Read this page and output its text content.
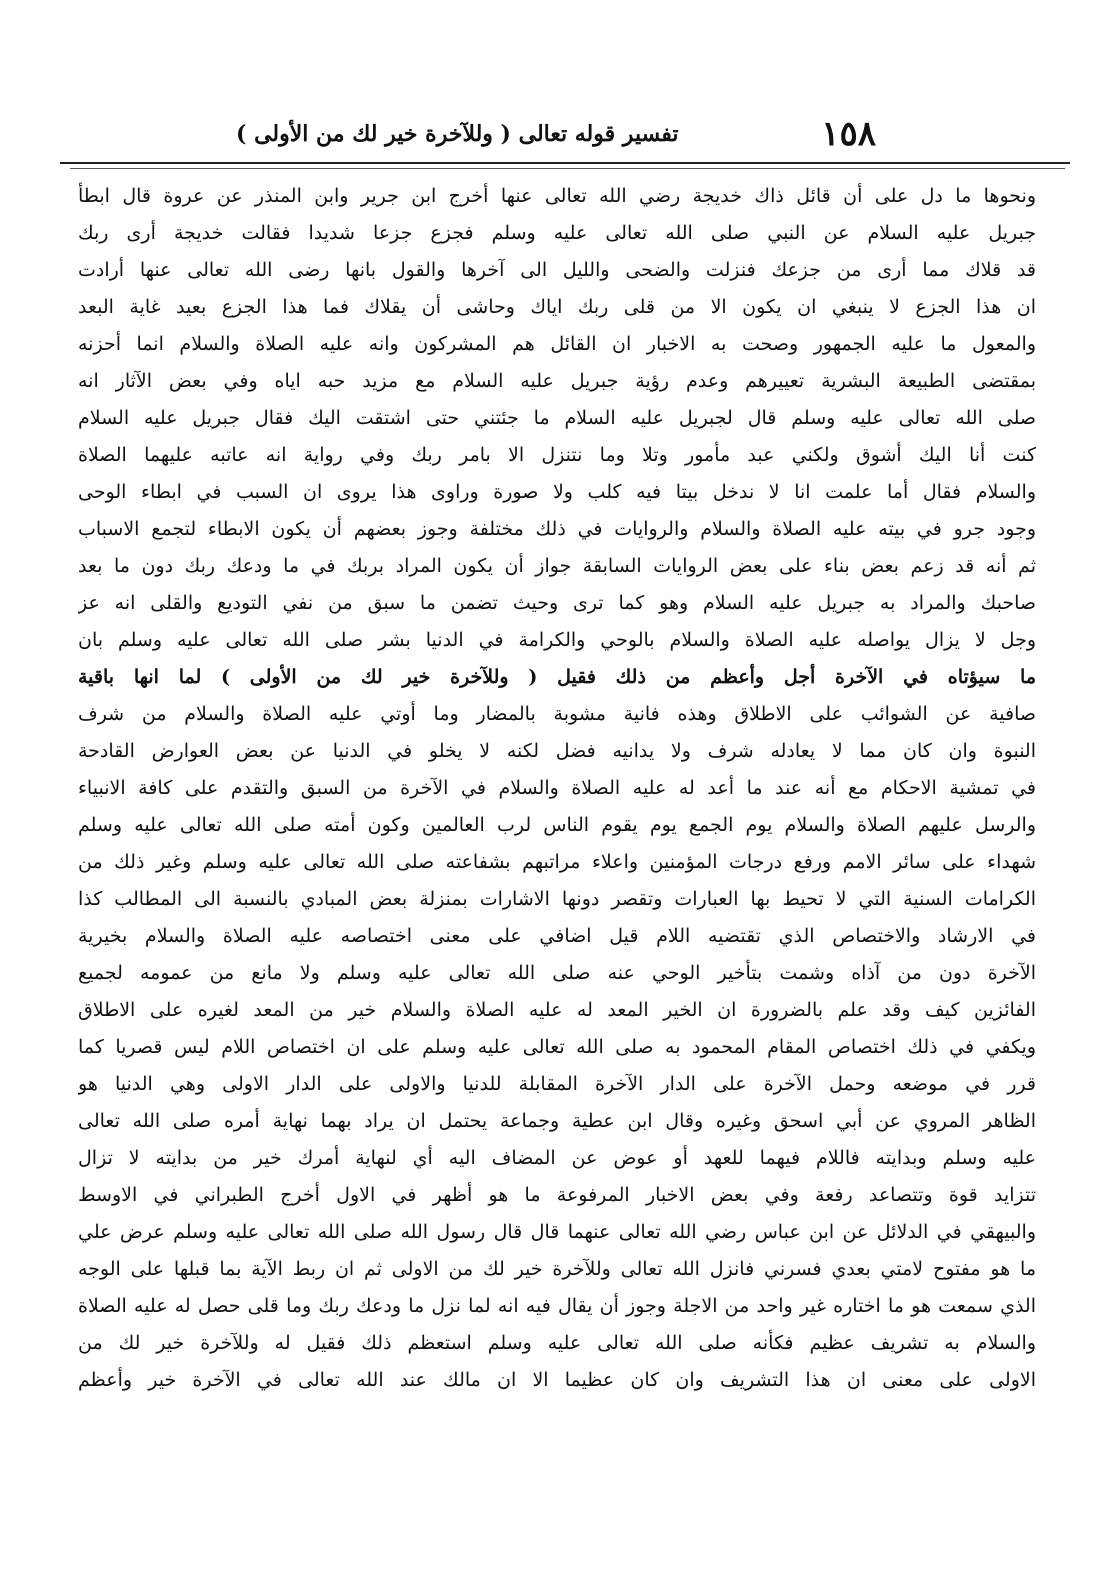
١٥٨
تفسير قوله تعالى ( وللآخرة خير لك من الأولى )
ونحوها ما دل على أن قائل ذاك خديجة رضي الله تعالى عنها أخرج ابن جرير وابن المنذر عن عروة قال ابطأ
جبريل عليه السلام عن النبي صلى الله تعالى عليه وسلم فجزع جزعا شديدا فقالت خديجة أرى ربك
قد قلاك مما أرى من جزعك فنزلت والضحى والليل الى آخرها والقول بانها رضى الله تعالى عنها أرادت
ان هذا الجزع لا ينبغي ان يكون الا من قلى ربك اياك وحاشى أن يقلاك فما هذا الجزع بعيد غاية البعد
والمعول ما عليه الجمهور وصحت به الاخبار ان القائل هم المشركون وانه عليه الصلاة والسلام انما أحزنه
بمقتضى الطبيعة البشرية تعييرهم وعدم رؤية جبريل عليه السلام مع مزيد حبه اياه وفي بعض الآثار انه
صلى الله تعالى عليه وسلم قال لجبريل عليه السلام ما جئتني حتى اشتقت اليك فقال جبريل عليه السلام
كنت أنا اليك أشوق ولكني عبد مأمور وتلا وما نتنزل الا بامر ربك وفي رواية انه عاتبه عليهما الصلاة
والسلام فقال أما علمت انا لا ندخل بيتا فيه كلب ولا صورة وراوى هذا يروى ان السبب في ابطاء الوحى
وجود جرو في بيته عليه الصلاة والسلام والروايات في ذلك مختلفة وجوز بعضهم أن يكون الابطاء لتجمع الاسباب
ثم أنه قد زعم بعض بناء على بعض الروايات السابقة جواز أن يكون المراد بربك في ما ودعك ربك دون ما بعد
صاحبك والمراد به جبريل عليه السلام وهو كما ترى وحيث تضمن ما سبق من نفي التوديع والقلى انه عز
وجل لا يزال يواصله عليه الصلاة والسلام بالوحي والكرامة في الدنيا بشر صلى الله تعالى عليه وسلم بان
ما سيؤتاه في الآخرة أجل وأعظم من ذلك فقيل ( وللآخرة خير لك من الأولى ) لما انها باقية
صافية عن الشوائب على الاطلاق وهذه فانية مشوبة بالمضار وما أوتي عليه الصلاة والسلام من شرف
النبوة وان كان مما لا يعادله شرف ولا يدانيه فضل لكنه لا يخلو في الدنيا عن بعض العوارض القادحة
في تمشية الاحكام مع أنه عند ما أعد له عليه الصلاة والسلام في الآخرة من السبق والتقدم على كافة الانبياء
والرسل عليهم الصلاة والسلام يوم الجمع يوم يقوم الناس لرب العالمين وكون أمته صلى الله تعالى عليه وسلم
شهداء على سائر الامم ورفع درجات المؤمنين واعلاء مراتبهم بشفاعته صلى الله تعالى عليه وسلم وغير ذلك من
الكرامات السنية التي لا تحيط بها العبارات وتقصر دونها الاشارات بمنزلة بعض المبادي بالنسبة الى المطالب كذا
في الارشاد والاختصاص الذي تقتضيه اللام قيل اضافي على معنى اختصاصه عليه الصلاة والسلام بخيرية
الآخرة دون من آذاه وشمت بتأخير الوحي عنه صلى الله تعالى عليه وسلم ولا مانع من عمومه لجميع
الفائزين كيف وقد علم بالضرورة ان الخير المعد له عليه الصلاة والسلام خير من المعد لغيره على الاطلاق
ويكفي في ذلك اختصاص المقام المحمود به صلى الله تعالى عليه وسلم على ان اختصاص اللام ليس قصريا كما
قرر في موضعه وحمل الآخرة على الدار الآخرة المقابلة للدنيا والاولى على الدار الاولى وهي الدنيا هو
الظاهر المروي عن أبي اسحق وغيره وقال ابن عطية وجماعة يحتمل ان يراد بهما نهاية أمره صلى الله تعالى
عليه وسلم وبدايته فاللام فيهما للعهد أو عوض عن المضاف اليه أي لنهاية أمرك خير من بدايته لا تزال
تتزايد قوة وتتصاعد رفعة وفي بعض الاخبار المرفوعة ما هو أظهر في الاول أخرج الطبراني في الاوسط
والبيهقي في الدلائل عن ابن عباس رضي الله تعالى عنهما قال قال رسول الله صلى الله تعالى عليه وسلم عرض علي
ما هو مفتوح لامتي بعدي فسرني فانزل الله تعالى وللآخرة خير لك من الاولى ثم ان ربط الآية بما قبلها على الوجه
الذي سمعت هو ما اختاره غير واحد من الاجلة وجوز أن يقال فيه انه لما نزل ما ودعك ربك وما قلى حصل له عليه الصلاة
والسلام به تشريف عظيم فكأنه صلى الله تعالى عليه وسلم استعظم ذلك فقيل له وللآخرة خير لك من
الاولى على معنى ان هذا التشريف وان كان عظيما الا ان مالك عند الله تعالى في الآخرة خير وأعظم
